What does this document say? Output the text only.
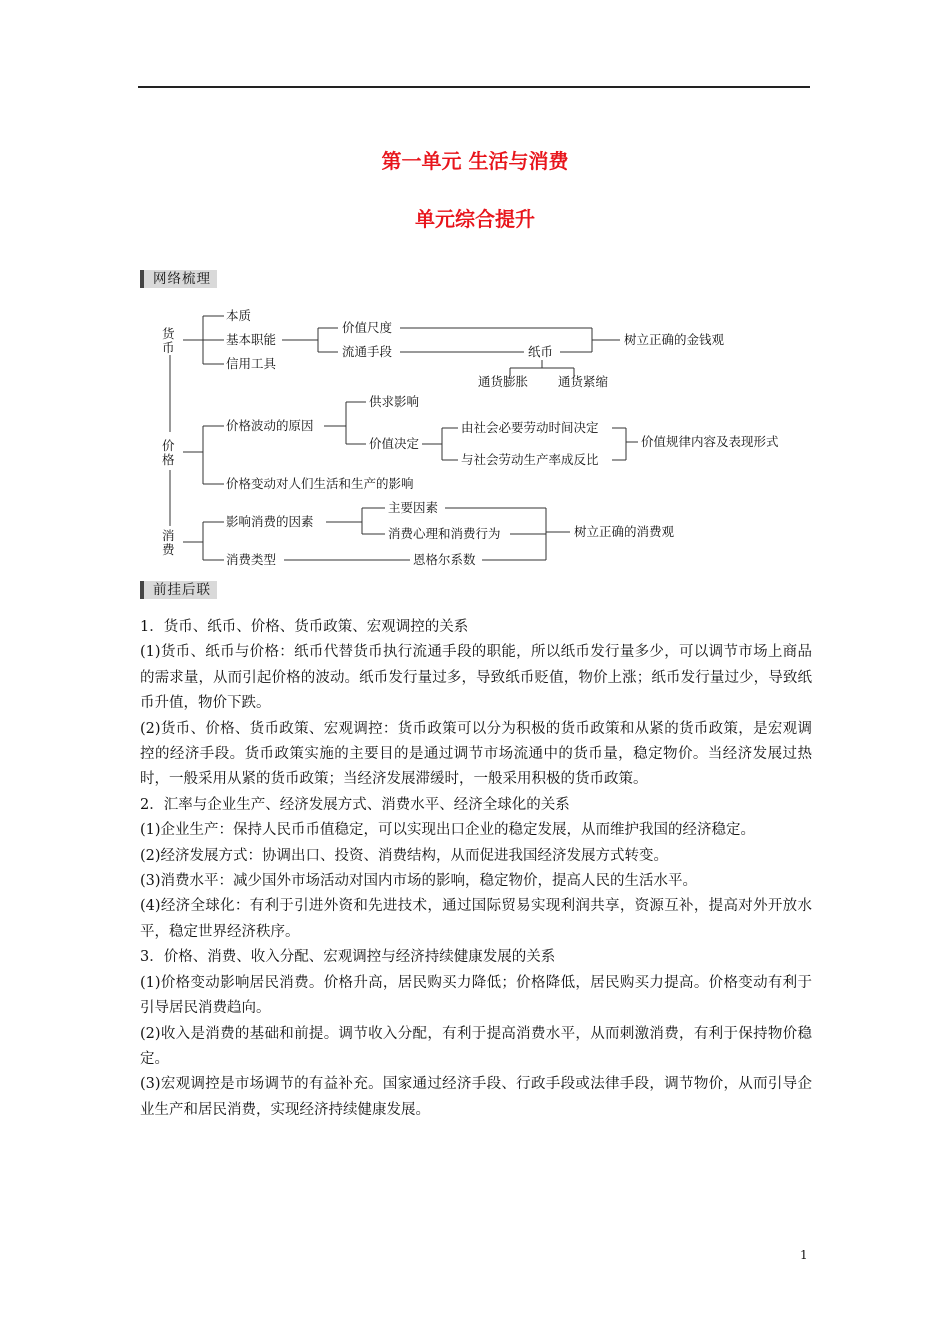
第一单元 生活与消费
单元综合提升
网络梳理
货
币
本质
基本职能
信用工具
价值尺度
流通手段	纸币
通货膨胀 通货紧缩
树立正确的金钱观
价
格
价格波动的原因
供求影响
价值决定
由社会必要劳动时间决定
与社会劳动生产率成反比
价值规律内容及表现形式
价格变动对人们生活和生产的影响
消
费
影响消费的因素
主要因素
消费心理和消费行为	树立正确的消费观
消费类型	恩格尔系数
前挂后联

1．货币、纸币、价格、货币政策、宏观调控的关系

(1)货币、纸币与价格：纸币代替货币执行流通手段的职能，所以纸币发行量多少，可以调节市场上商品的需求量，从而引起价格的波动。纸币发行量过多，导致纸币贬值，物价上涨；纸币发行量过少，导致纸币升值，物价下跌。

(2)货币、价格、货币政策、宏观调控：货币政策可以分为积极的货币政策和从紧的货币政策，是宏观调控的经济手段。货币政策实施的主要目的是通过调节市场流通中的货币量，稳定物价。当经济发展过热时，一般采用从紧的货币政策；当经济发展滞缓时，一般采用积极的货币政策。

2．汇率与企业生产、经济发展方式、消费水平、经济全球化的关系

(1)企业生产：保持人民币币值稳定，可以实现出口企业的稳定发展，从而维护我国的经济稳定。

(2)经济发展方式：协调出口、投资、消费结构，从而促进我国经济发展方式转变。

(3)消费水平：减少国外市场活动对国内市场的影响，稳定物价，提高人民的生活水平。

(4)经济全球化：有利于引进外资和先进技术，通过国际贸易实现利润共享，资源互补，提高对外开放水平，稳定世界经济秩序。

3．价格、消费、收入分配、宏观调控与经济持续健康发展的关系

(1)价格变动影响居民消费。价格升高，居民购买力降低；价格降低，居民购买力提高。价格变动有利于引导居民消费趋向。

(2)收入是消费的基础和前提。调节收入分配，有利于提高消费水平，从而刺激消费，有利于保持物价稳定。

(3)宏观调控是市场调节的有益补充。国家通过经济手段、行政手段或法律手段，调节物价，从而引导企业生产和居民消费，实现经济持续健康发展。

1
